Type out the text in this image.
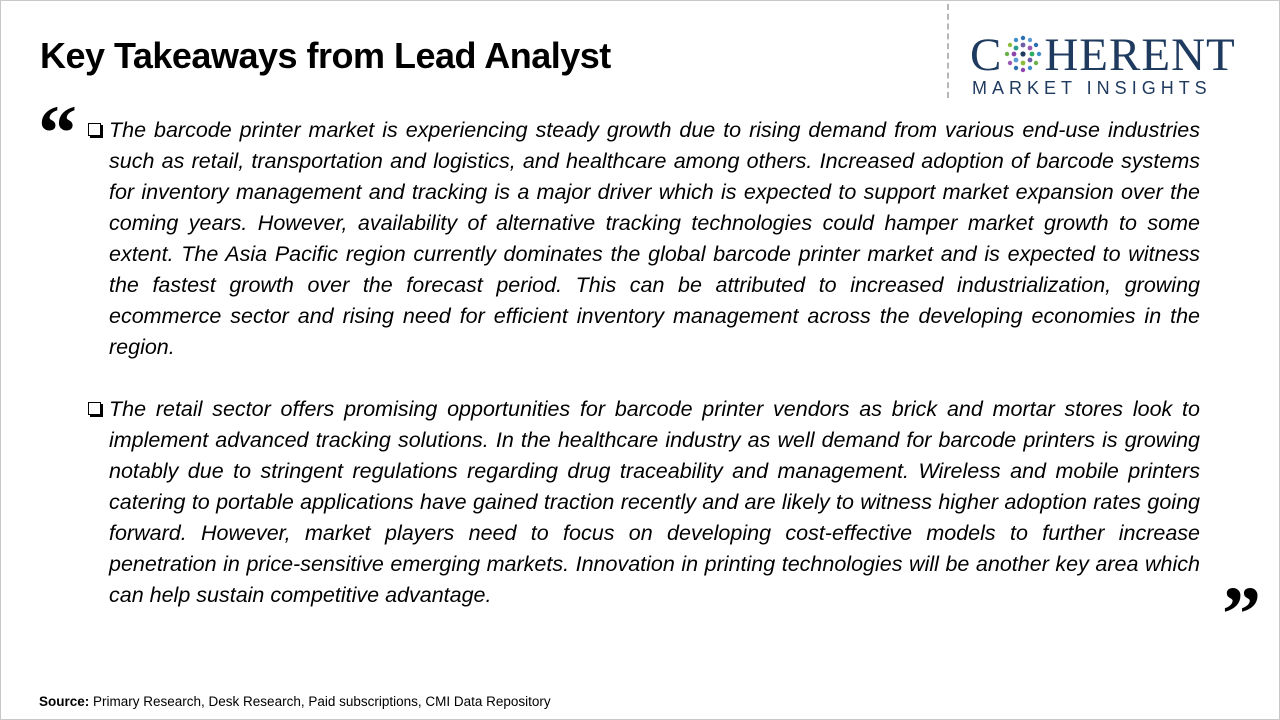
Key Takeaways from Lead Analyst	C HERENT
MARKET INSIGHTS
“	The barcode printer market is experiencing steady growth due to rising demand from various end-use industries such as retail, transportation and logistics, and healthcare among others. Increased adoption of barcode systems for inventory management and tracking is a major driver which is expected to support market expansion over the coming years. However, availability of alternative tracking technologies could hamper market growth to some extent. The Asia Pacific region currently dominates the global barcode printer market and is expected to witness the fastest growth over the forecast period. This can be attributed to increased industrialization, growing ecommerce sector and rising need for efficient inventory management across the developing economies in the region.
The retail sector offers promising opportunities for barcode printer vendors as brick and mortar stores look to implement advanced tracking solutions. In the healthcare industry as well demand for barcode printers is growing notably due to stringent regulations regarding drug traceability and management. Wireless and mobile printers catering to portable applications have gained traction recently and are likely to witness higher adoption rates going forward. However, market players need to focus on developing cost-effective models to further increase penetration in price-sensitive emerging markets. Innovation in printing technologies will be another key area which can help sustain competitive advantage.	”
Source: Primary Research, Desk Research, Paid subscriptions, CMI Data Repository
